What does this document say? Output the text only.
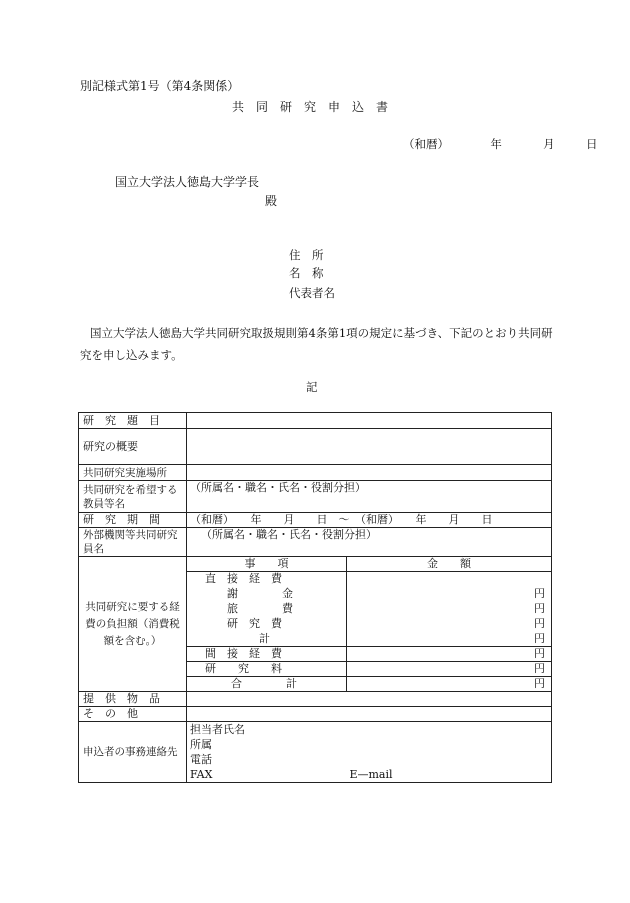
別記様式第1号（第4条関係）
共同研究申込書
（和暦）	年	月	日
国立大学法人徳島大学学長
殿
住　所
名　称
代表者名
国立大学法人徳島大学共同研究取扱規則第4条第1項の規定に基づき、下記のとおり共同研究を申し込みます。
記
研　究　題　目		
研究の概要		
共同研究実施場所		
共同研究を希望する教員等名	（所属名・職名・氏名・役割分担）	
研　究　期　間	（和暦）　　年　　月　　日　～　（和暦）　　年　　月　　日	
外部機関等共同研究員名	（所属名・職名・氏名・役割分担）	
共同研究に要する経費の負担額（消費税額を含む。）	事　　項	金　　額
	直　接　経　費	
	謝　　　　金	円
	旅　　　　費	円
	研　究　費	円
	計	円
	間　接　経　費	円
	研　　究　　料	円
	合　　　　計	円
提　供　物　品		
そ　の　他		
申込者の事務連絡先	担当者氏名
所属
電話
FAX E—mail	
